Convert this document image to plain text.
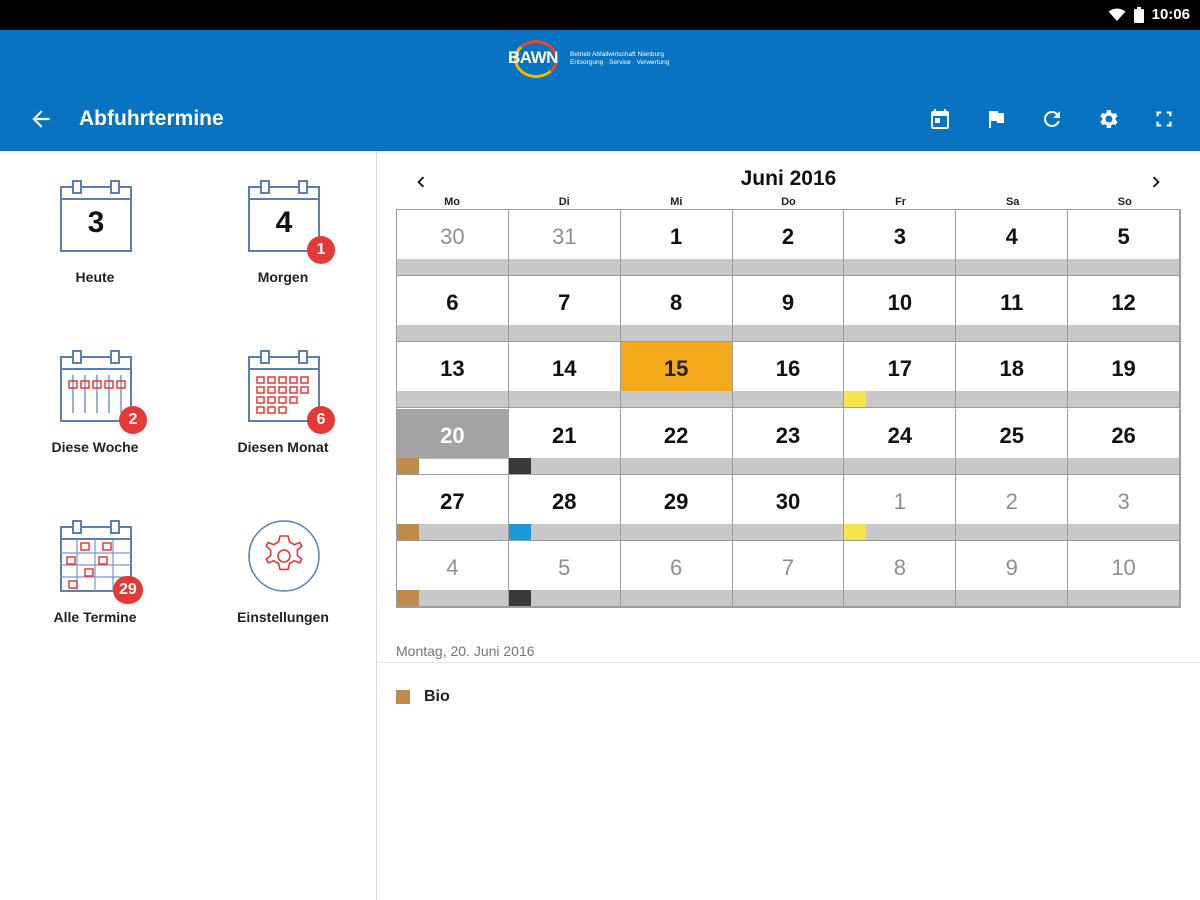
10:06
BAWN Betrieb Abfallwirtschaft Nienburg
Entsorgung · Service · Verwertung
Abfuhrtermine
3
Heute
4
1
Morgen
2
Diese Woche
6
Diesen Monat
29
Alle Termine	Einstellungen
Juni 2016
Mo	Di	Mi	Do	Fr	Sa	So
30	31	1	2	3	4	5
6	7	8	9	10	11	12
13	14	15	16	17	18	19
20	21	22	23	24	25	26
27	28	29	30	1	2	3
4	5	6	7	8	9	10
Montag, 20. Juni 2016
Bio
